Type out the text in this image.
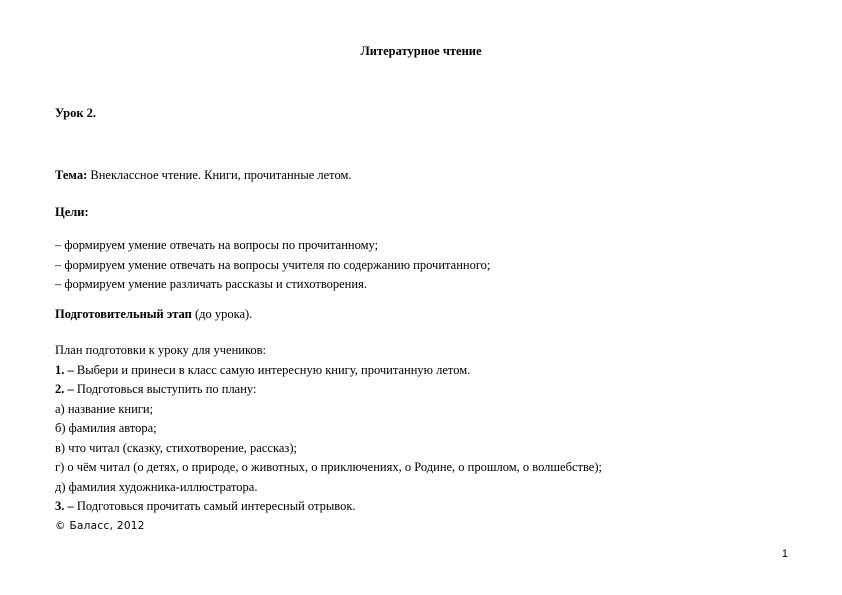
Литературное чтение
Урок 2.
Тема: Внеклассное чтение. Книги, прочитанные летом.
Цели:
– формируем умение отвечать на вопросы по прочитанному;
– формируем умение отвечать на вопросы учителя по содержанию прочитанного;
– формируем умение различать рассказы и стихотворения.
Подготовительный этап (до урока).
План подготовки к уроку для учеников:
1. – Выбери и принеси в класс самую интересную книгу, прочитанную летом.
2. – Подготовься выступить по плану:
а) название книги;
б) фамилия автора;
в) что читал (сказку, стихотворение, рассказ);
г) о чём читал (о детях, о природе, о животных, о приключениях, о Родине, о прошлом, о волшебстве);
д) фамилия художника-иллюстратора.
3. – Подготовься прочитать самый интересный отрывок.
© Баласс, 2012
1
